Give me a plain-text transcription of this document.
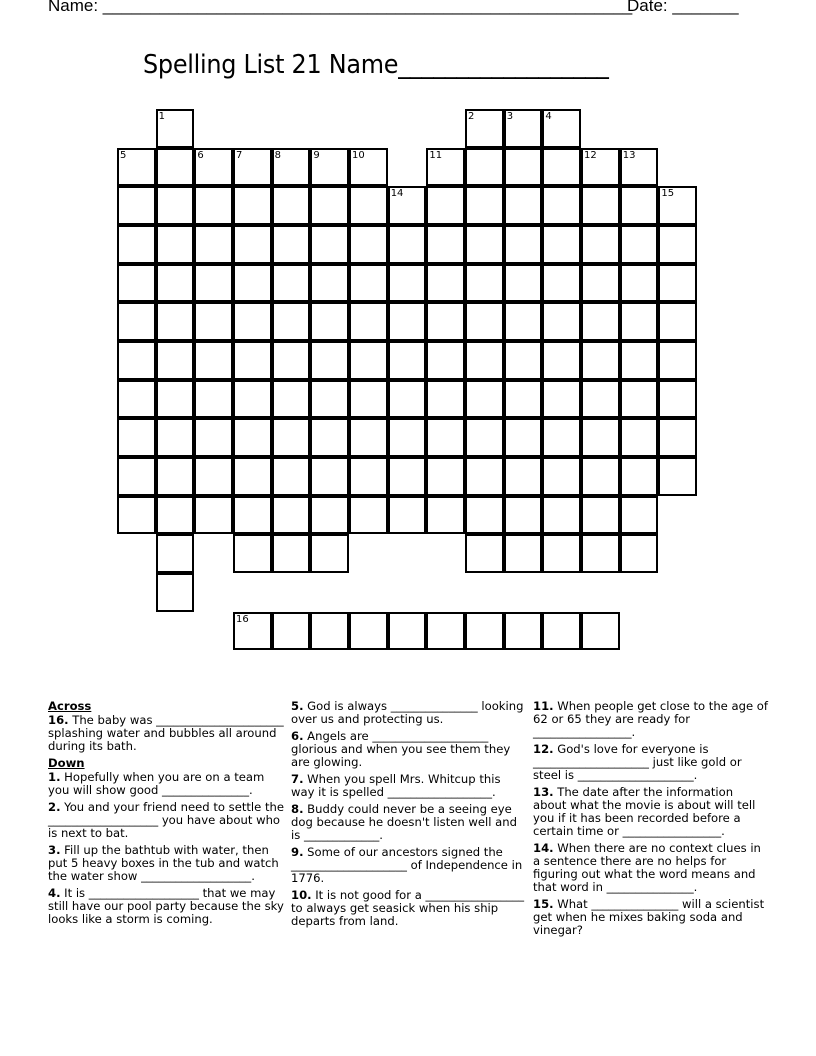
Name: ________________________________________________________
Date: _______
Spelling List 21 Name__________________
1	2	3	4
5	6	7	8	9	10	11	12	13
14	15
16
Across
16. The baby was ______________________ splashing water and bubbles all around during its bath.
Down
1. Hopefully when you are on a team you will show good _______________.
2. You and your friend need to settle the ___________________ you have about who is next to bat.
3. Fill up the bathtub with water, then put 5 heavy boxes in the tub and watch the water show ___________________.
4. It is ___________________ that we may still have our pool party because the sky looks like a storm is coming.
5. God is always _______________ looking over us and protecting us.
6. Angels are ____________________ glorious and when you see them they are glowing.
7. When you spell Mrs. Whitcup this way it is spelled __________________.
8. Buddy could never be a seeing eye dog because he doesn't listen well and is _____________.
9. Some of our ancestors signed the ____________________ of Independence in 1776.
10. It is not good for a _________________ to always get seasick when his ship departs from land.
11. When people get close to the age of 62 or 65 they are ready for _________________.
12. God's love for everyone is ____________________ just like gold or steel is ____________________.
13. The date after the information about what the movie is about will tell you if it has been recorded before a certain time or _________________.
14. When there are no context clues in a sentence there are no helps for figuring out what the word means and that word in _______________.
15. What _______________ will a scientist get when he mixes baking soda and vinegar?
